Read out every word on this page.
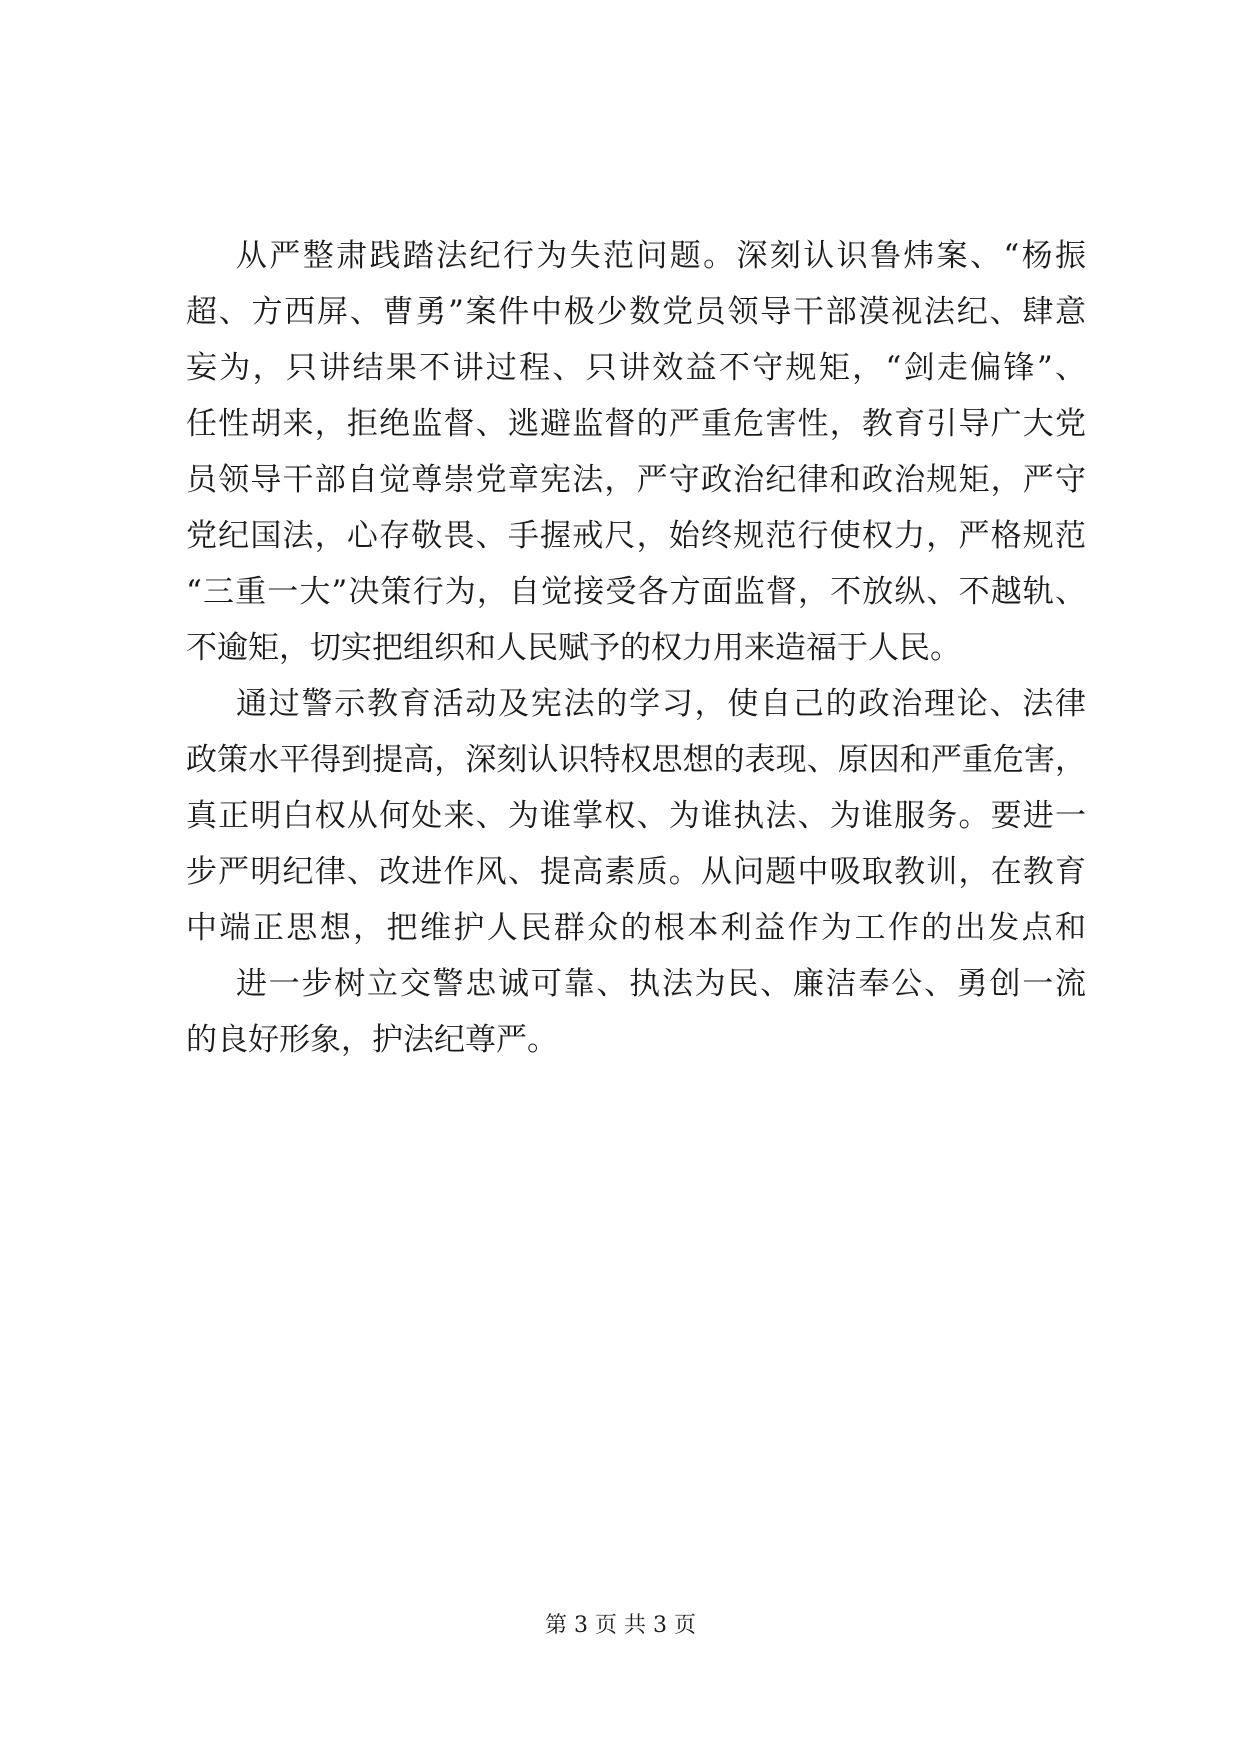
从严整肃践踏法纪行为失范问题。深刻认识鲁炜案、“杨振
超、方西屏、曹勇”案件中极少数党员领导干部漠视法纪、肆意
妄为，只讲结果不讲过程、只讲效益不守规矩，“剑走偏锋”、
任性胡来，拒绝监督、逃避监督的严重危害性，教育引导广大党
员领导干部自觉尊崇党章宪法，严守政治纪律和政治规矩，严守
党纪国法，心存敬畏、手握戒尺，始终规范行使权力，严格规范
“三重一大”决策行为，自觉接受各方面监督，不放纵、不越轨、
不逾矩，切实把组织和人民赋予的权力用来造福于人民。
通过警示教育活动及宪法的学习，使自己的政治理论、法律
政策水平得到提高，深刻认识特权思想的表现、原因和严重危害，
真正明白权从何处来、为谁掌权、为谁执法、为谁服务。要进一
步严明纪律、改进作风、提高素质。从问题中吸取教训，在教育
中端正思想，把维护人民群众的根本利益作为工作的出发点和
进一步树立交警忠诚可靠、执法为民、廉洁奉公、勇创一流
的良好形象，护法纪尊严。
第 3 页 共 3 页
